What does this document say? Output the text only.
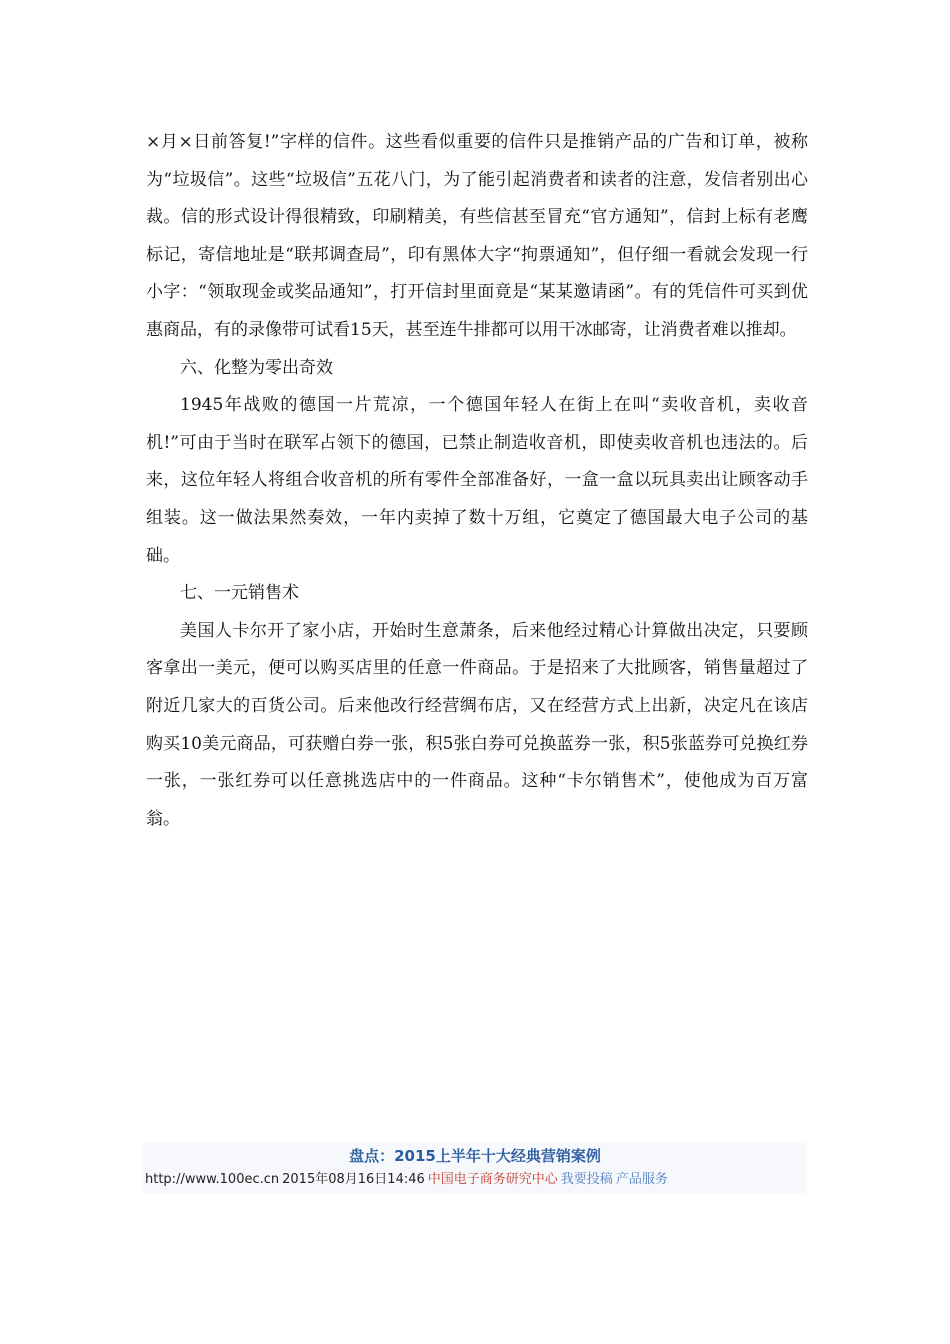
×月×日前答复!”字样的信件。这些看似重要的信件只是推销产品的广告和订单，被称为“垃圾信”。这些“垃圾信”五花八门，为了能引起消费者和读者的注意，发信者别出心裁。信的形式设计得很精致，印刷精美，有些信甚至冒充“官方通知”，信封上标有老鹰标记，寄信地址是“联邦调查局”，印有黑体大字“拘票通知”，但仔细一看就会发现一行小字：“领取现金或奖品通知”，打开信封里面竟是“某某邀请函”。有的凭信件可买到优惠商品，有的录像带可试看15天，甚至连牛排都可以用干冰邮寄，让消费者难以推却。

六、化整为零出奇效

1945年战败的德国一片荒凉，一个德国年轻人在街上在叫“卖收音机，卖收音机!”可由于当时在联军占领下的德国，已禁止制造收音机，即使卖收音机也违法的。后来，这位年轻人将组合收音机的所有零件全部准备好，一盒一盒以玩具卖出让顾客动手组装。这一做法果然奏效，一年内卖掉了数十万组，它奠定了德国最大电子公司的基础。

七、一元销售术

美国人卡尔开了家小店，开始时生意萧条，后来他经过精心计算做出决定，只要顾客拿出一美元，便可以购买店里的任意一件商品。于是招来了大批顾客，销售量超过了附近几家大的百货公司。后来他改行经营绸布店，又在经营方式上出新，决定凡在该店购买10美元商品，可获赠白券一张，积5张白券可兑换蓝券一张，积5张蓝券可兑换红券一张，一张红券可以任意挑选店中的一件商品。这种“卡尔销售术”，使他成为百万富翁。

盘点：2015上半年十大经典营销案例
http://www.100ec.cn 2015年08月16日14:46 中国电子商务研究中心 我要投稿 产品服务
